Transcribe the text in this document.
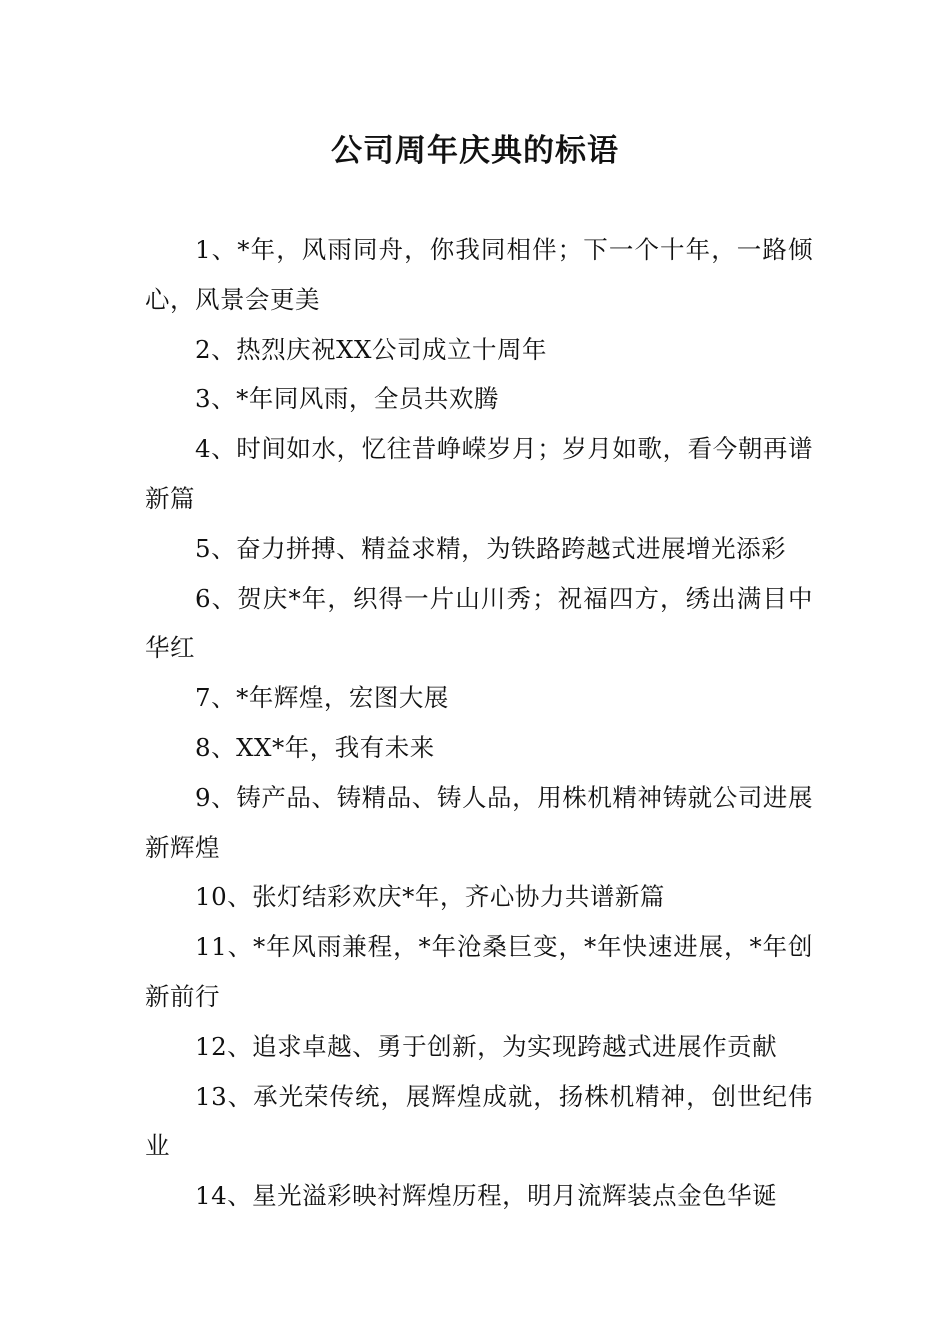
公司周年庆典的标语

1、*年，风雨同舟，你我同相伴；下一个十年，一路倾心，风景会更美

2、热烈庆祝XX公司成立十周年

3、*年同风雨，全员共欢腾

4、时间如水，忆往昔峥嵘岁月；岁月如歌，看今朝再谱新篇

5、奋力拼搏、精益求精，为铁路跨越式进展增光添彩

6、贺庆*年，织得一片山川秀；祝福四方，绣出满目中华红

7、*年辉煌，宏图大展

8、XX*年，我有未来

9、铸产品、铸精品、铸人品，用株机精神铸就公司进展新辉煌

10、张灯结彩欢庆*年，齐心协力共谱新篇

11、*年风雨兼程，*年沧桑巨变，*年快速进展，*年创新前行

12、追求卓越、勇于创新，为实现跨越式进展作贡献

13、承光荣传统，展辉煌成就，扬株机精神，创世纪伟业

14、星光溢彩映衬辉煌历程，明月流辉装点金色华诞
